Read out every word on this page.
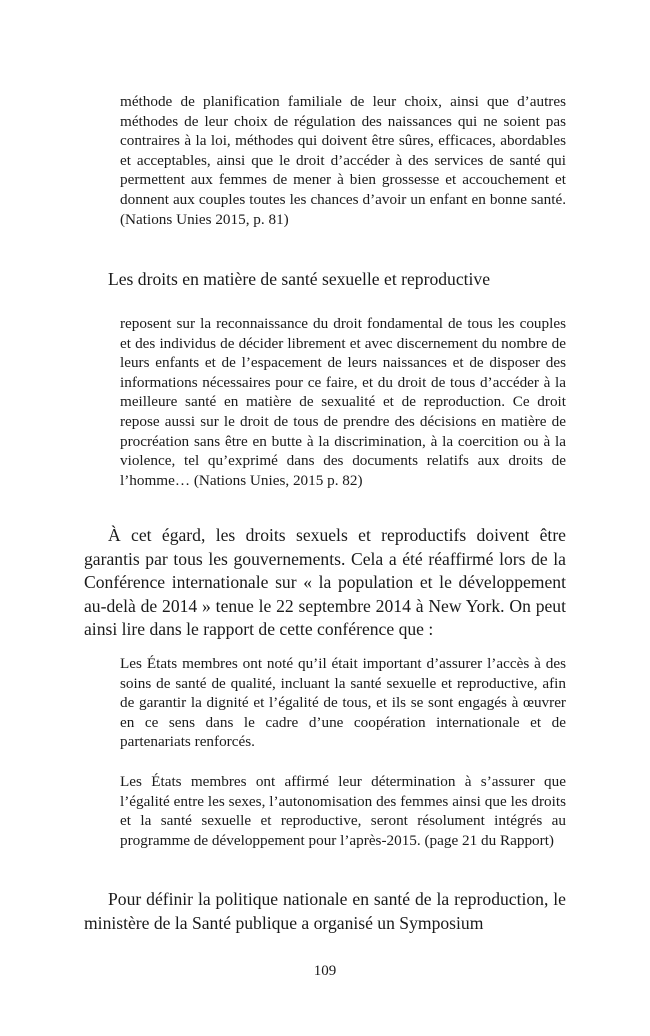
méthode de planification familiale de leur choix, ainsi que d’autres méthodes de leur choix de régulation des naissances qui ne soient pas contraires à la loi, méthodes qui doivent être sûres, efficaces, abordables et acceptables, ainsi que le droit d’accéder à des services de santé qui permettent aux femmes de mener à bien grossesse et accouchement et donnent aux couples toutes les chances d’avoir un enfant en bonne santé. (Nations Unies 2015, p. 81)

Les droits en matière de santé sexuelle et reproductive

reposent sur la reconnaissance du droit fondamental de tous les couples et des individus de décider librement et avec discernement du nombre de leurs enfants et de l’espacement de leurs naissances et de disposer des informations nécessaires pour ce faire, et du droit de tous d’accéder à la meilleure santé en matière de sexualité et de reproduction. Ce droit repose aussi sur le droit de tous de prendre des décisions en matière de procréation sans être en butte à la discrimination, à la coercition ou à la violence, tel qu’exprimé dans des documents relatifs aux droits de l’homme… (Nations Unies, 2015 p. 82)

À cet égard, les droits sexuels et reproductifs doivent être garantis par tous les gouvernements. Cela a été réaffirmé lors de la Conférence internationale sur « la population et le développement au-delà de 2014 » tenue le 22 septembre 2014 à New York. On peut ainsi lire dans le rapport de cette conférence que :

Les États membres ont noté qu’il était important d’assurer l’accès à des soins de santé de qualité, incluant la santé sexuelle et reproductive, afin de garantir la dignité et l’égalité de tous, et ils se sont engagés à œuvrer en ce sens dans le cadre d’une coopération internationale et de partenariats renforcés.

Les États membres ont affirmé leur détermination à s’assurer que l’égalité entre les sexes, l’autonomisation des femmes ainsi que les droits et la santé sexuelle et reproductive, seront résolument intégrés au programme de développement pour l’après-2015. (page 21 du Rapport)

Pour définir la politique nationale en santé de la reproduction, le ministère de la Santé publique a organisé un Symposium

109
